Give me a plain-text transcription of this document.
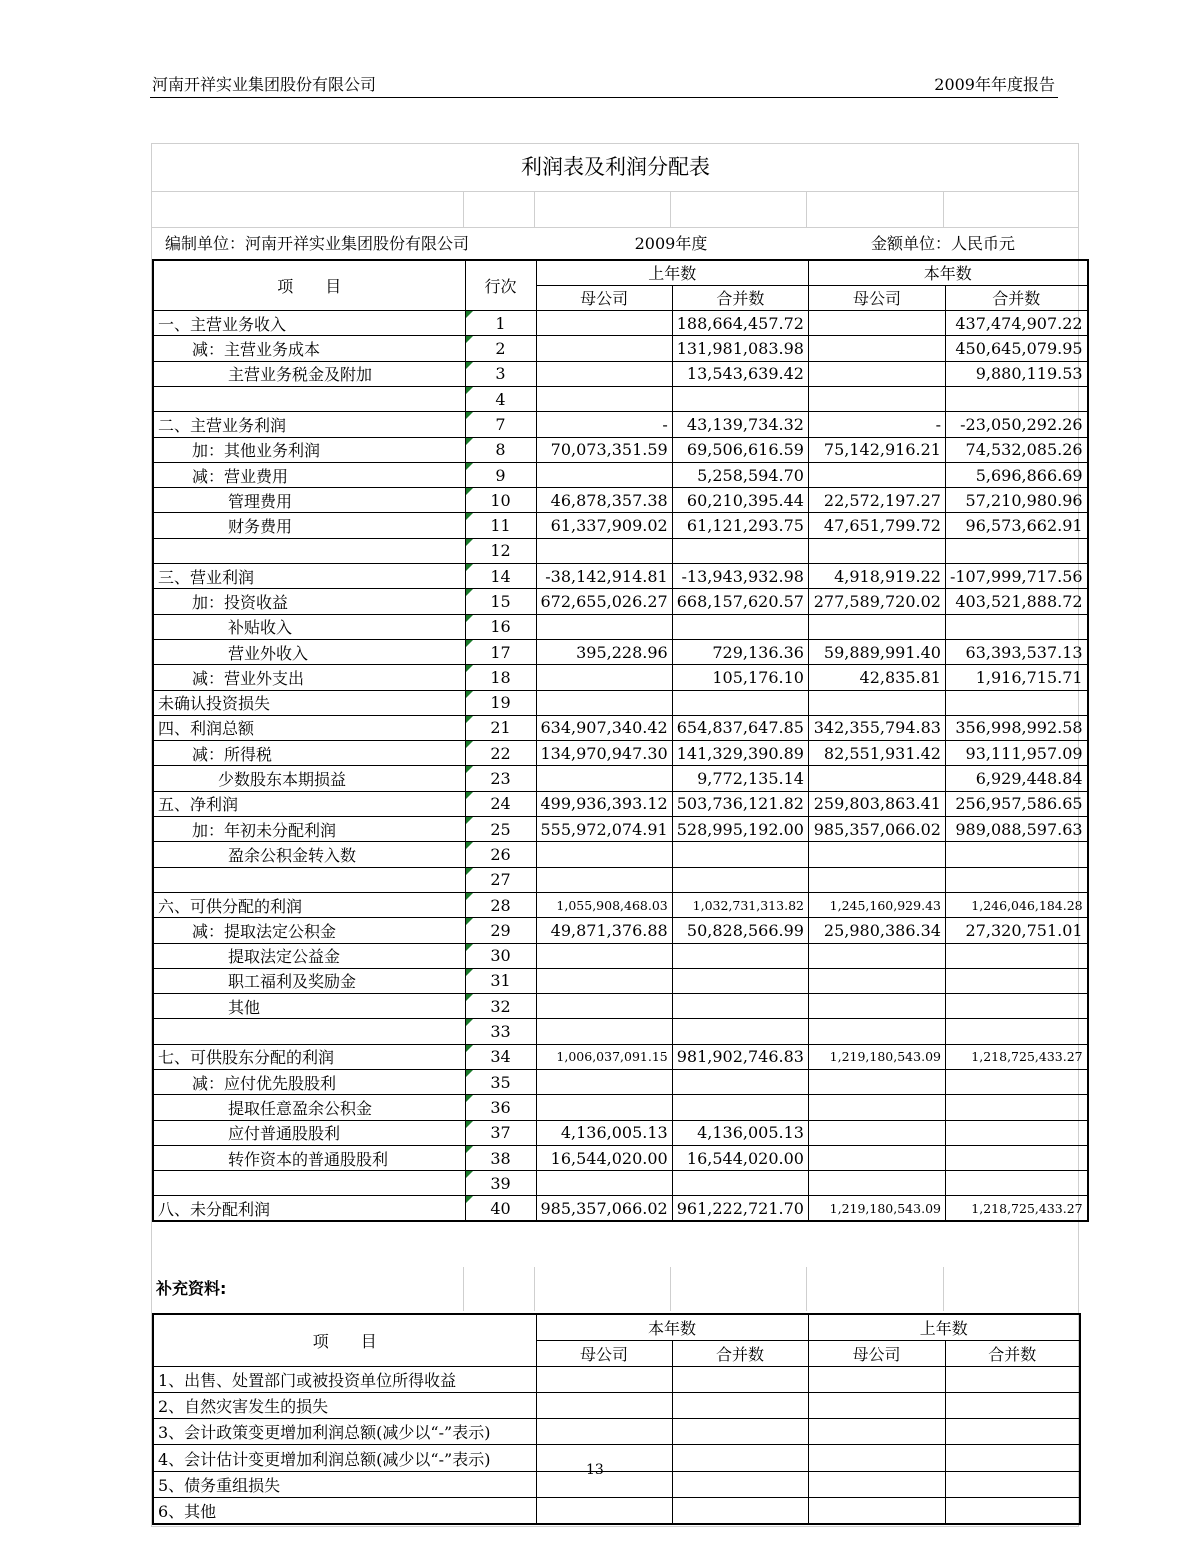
河南开祥实业集团股份有限公司	2009年年度报告
利润表及利润分配表
编制单位：河南开祥实业集团股份有限公司	2009年度	金额单位：人民币元
项　　目	行次	上年数		本年数	
		母公司	合并数	母公司	合并数
一、主营业务收入	1		188,664,457.72		437,474,907.22
减：主营业务成本	2		131,981,083.98		450,645,079.95
主营业务税金及附加	3		13,543,639.42		9,880,119.53
	4				
二、主营业务利润	7	-	43,139,734.32	-	-23,050,292.26
加：其他业务利润	8	70,073,351.59	69,506,616.59	75,142,916.21	74,532,085.26
减：营业费用	9		5,258,594.70		5,696,866.69
管理费用	10	46,878,357.38	60,210,395.44	22,572,197.27	57,210,980.96
财务费用	11	61,337,909.02	61,121,293.75	47,651,799.72	96,573,662.91
	12				
三、营业利润	14	-38,142,914.81	-13,943,932.98	4,918,919.22	-107,999,717.56
加：投资收益	15	672,655,026.27	668,157,620.57	277,589,720.02	403,521,888.72
补贴收入	16				
营业外收入	17	395,228.96	729,136.36	59,889,991.40	63,393,537.13
减：营业外支出	18		105,176.10	42,835.81	1,916,715.71
未确认投资损失	19				
四、利润总额	21	634,907,340.42	654,837,647.85	342,355,794.83	356,998,992.58
减：所得税	22	134,970,947.30	141,329,390.89	82,551,931.42	93,111,957.09
少数股东本期损益	23		9,772,135.14		6,929,448.84
五、净利润	24	499,936,393.12	503,736,121.82	259,803,863.41	256,957,586.65
加：年初未分配利润	25	555,972,074.91	528,995,192.00	985,357,066.02	989,088,597.63
盈余公积金转入数	26				
	27				
六、可供分配的利润	28	1,055,908,468.03	1,032,731,313.82	1,245,160,929.43	1,246,046,184.28
减：提取法定公积金	29	49,871,376.88	50,828,566.99	25,980,386.34	27,320,751.01
提取法定公益金	30				
职工福利及奖励金	31				
其他	32				
	33				
七、可供股东分配的利润	34	1,006,037,091.15	981,902,746.83	1,219,180,543.09	1,218,725,433.27
减：应付优先股股利	35				
提取任意盈余公积金	36				
应付普通股股利	37	4,136,005.13	4,136,005.13		
转作资本的普通股股利	38	16,544,020.00	16,544,020.00		
	39				
八、未分配利润	40	985,357,066.02	961,222,721.70	1,219,180,543.09	1,218,725,433.27
补充资料:
项　　目	本年数		上年数	
	母公司	合并数	母公司	合并数
1、出售、处置部门或被投资单位所得收益				
2、自然灾害发生的损失				
3、会计政策变更增加利润总额(减少以“-”表示)				
4、会计估计变更增加利润总额(减少以“-”表示)				
5、债务重组损失				
6、其他				
13
